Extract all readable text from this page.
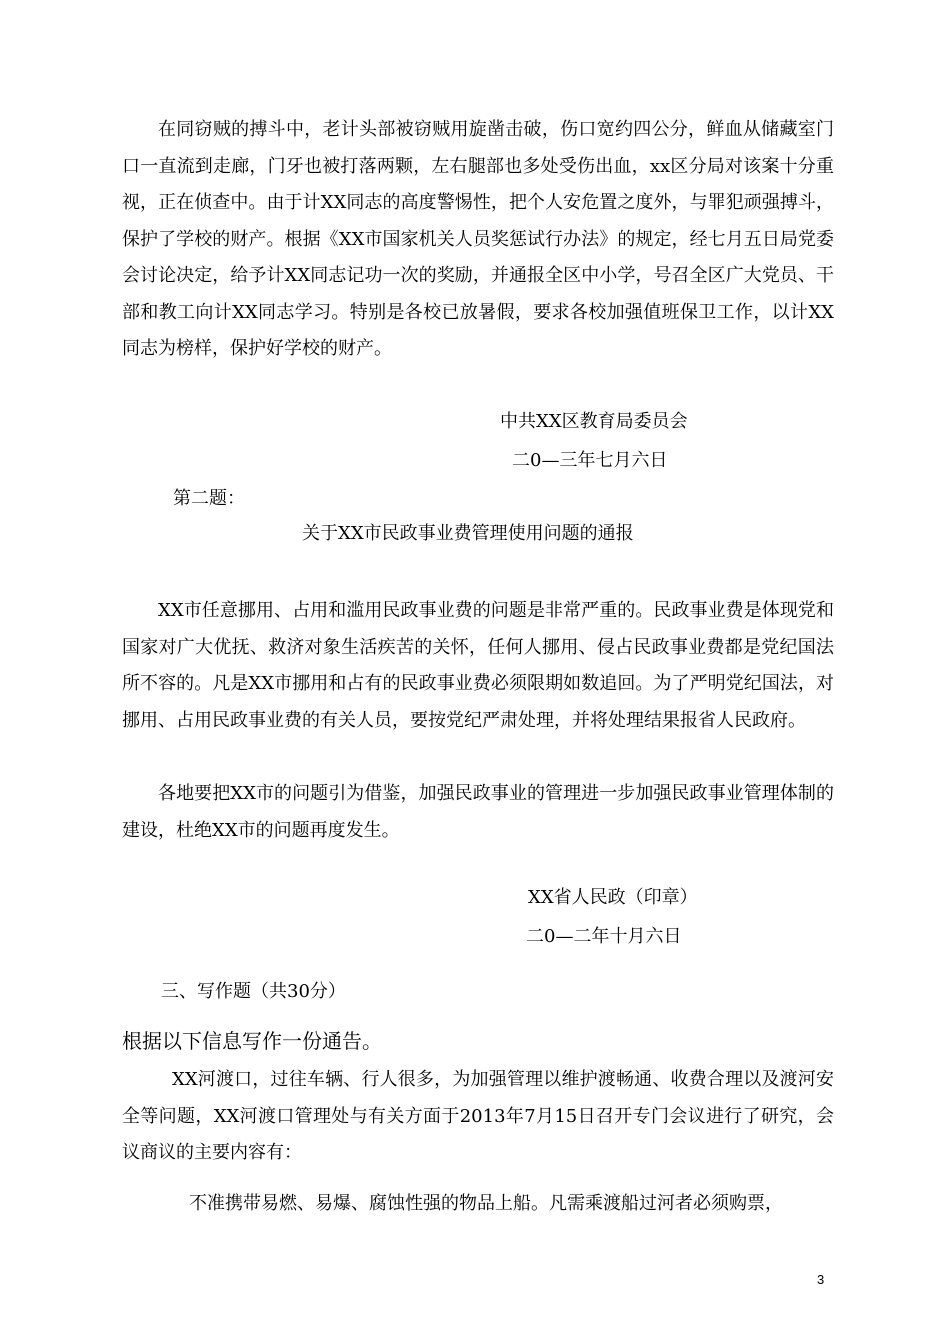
在同窃贼的搏斗中，老计头部被窃贼用旋凿击破，伤口宽约四公分，鲜血从储藏室门口一直流到走廊，门牙也被打落两颗，左右腿部也多处受伤出血，xx区分局对该案十分重视，正在侦查中。由于计XX同志的高度警惕性，把个人安危置之度外，与罪犯顽强搏斗，保护了学校的财产。根据《XX市国家机关人员奖惩试行办法》的规定，经七月五日局党委会讨论决定，给予计XX同志记功一次的奖励，并通报全区中小学，号召全区广大党员、干部和教工向计XX同志学习。特别是各校已放暑假，要求各校加强值班保卫工作，以计XX同志为榜样，保护好学校的财产。

中共XX区教育局委员会

二0—三年七月六日

第二题：

关于XX市民政事业费管理使用问题的通报

XX市任意挪用、占用和滥用民政事业费的问题是非常严重的。民政事业费是体现党和国家对广大优抚、救济对象生活疾苦的关怀，任何人挪用、侵占民政事业费都是党纪国法所不容的。凡是XX市挪用和占有的民政事业费必须限期如数追回。为了严明党纪国法，对挪用、占用民政事业费的有关人员，要按党纪严肃处理，并将处理结果报省人民政府。

各地要把XX市的问题引为借鉴，加强民政事业的管理进一步加强民政事业管理体制的建设，杜绝XX市的问题再度发生。

XX省人民政（印章）

二0—二年十月六日

三、写作题（共30分）

根据以下信息写作一份通告。

XX河渡口，过往车辆、行人很多，为加强管理以维护渡畅通、收费合理以及渡河安全等问题，XX河渡口管理处与有关方面于2013年7月15日召开专门会议进行了研究，会议商议的主要内容有：

不准携带易燃、易爆、腐蚀性强的物品上船。凡需乘渡船过河者必须购票，

3
